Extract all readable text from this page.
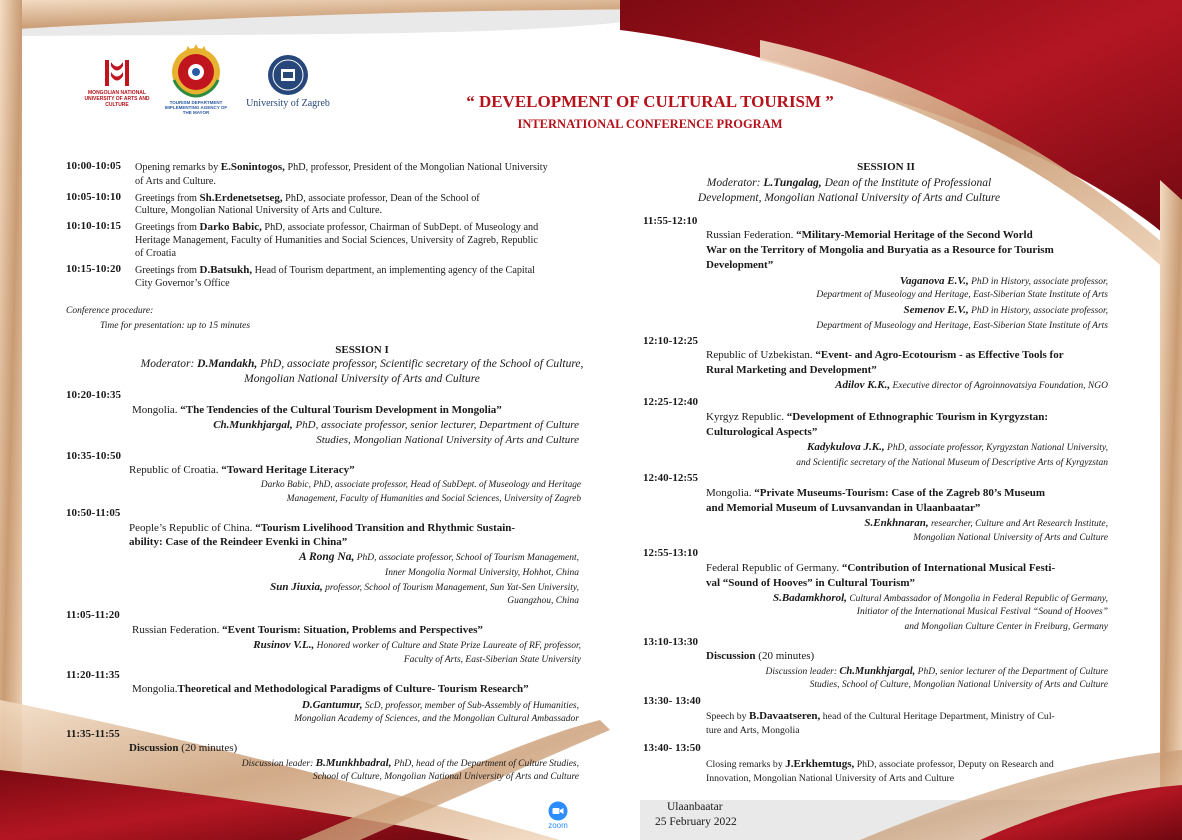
MONGOLIAN NATIONAL
UNIVERSITY OF ARTS AND CULTURE	TOURISM DEPARTMENT
IMPLEMENTING AGENCY OF
THE MAYOR
University of Zagreb	“ DEVELOPMENT OF CULTURAL TOURISM ”
INTERNATIONAL CONFERENCE PROGRAM
10:00-10:05 Opening remarks by E.Sonintogos, PhD, professor, President of the Mongolian National University
of Arts and Culture.
10:05-10:10 Greetings from Sh.Erdenetsetseg, PhD, associate professor, Dean of the School of
Culture, Mongolian National University of Arts and Culture.
10:10-10:15 Greetings from Darko Babic, PhD, associate professor, Chairman of SubDept. of Museology and
Heritage Management, Faculty of Humanities and Social Sciences, University of Zagreb, Republic
of Croatia
10:15-10:20 Greetings from D.Batsukh, Head of Tourism department, an implementing agency of the Capital
City Governor’s Office
Conference procedure:
Time for presentation: up to 15 minutes
SESSION I
Moderator: D.Mandakh, PhD, associate professor, Scientific secretary of the School of Culture,
Mongolian National University of Arts and Culture
10:20-10:35
Mongolia. “The Tendencies of the Cultural Tourism Development in Mongolia”
Ch.Munkhjargal, PhD, associate professor, senior lecturer, Department of Culture
Studies, Mongolian National University of Arts and Culture
10:35-10:50
Republic of Croatia. “Toward Heritage Literacy”
Darko Babic, PhD, associate professor, Head of SubDept. of Museology and Heritage
Management, Faculty of Humanities and Social Sciences, University of Zagreb
10:50-11:05
People’s Republic of China. “Tourism Livelihood Transition and Rhythmic Sustain-
ability: Case of the Reindeer Evenki in China”
A Rong Na, PhD, associate professor, School of Tourism Management,
Inner Mongolia Normal University, Hohhot, China
Sun Jiuxia, professor, School of Tourism Management, Sun Yat-Sen University,
Guangzhou, China
11:05-11:20
Russian Federation. “Event Tourism: Situation, Problems and Perspectives”
Rusinov V.L., Honored worker of Culture and State Prize Laureate of RF, professor,
Faculty of Arts, East-Siberian State University
11:20-11:35
Mongolia.Theoretical and Methodological Paradigms of Culture- Tourism Research”
D.Gantumur, ScD, professor, member of Sub-Assembly of Humanities,
Mongolian Academy of Sciences, and the Mongolian Cultural Ambassador
11:35-11:55
Discussion (20 minutes)
Discussion leader: B.Munkhbadral, PhD, head of the Department of Culture Studies,
School of Culture, Mongolian National University of Arts and Culture
SESSION II
Moderator: L.Tungalag, Dean of the Institute of Professional
Development, Mongolian National University of Arts and Culture
11:55-12:10
Russian Federation. “Military-Memorial Heritage of the Second World
War on the Territory of Mongolia and Buryatia as a Resource for Tourism
Development”
Vaganova E.V., PhD in History, associate professor,
Department of Museology and Heritage, East-Siberian State Institute of Arts
Semenov E.V., PhD in History, associate professor,
Department of Museology and Heritage, East-Siberian State Institute of Arts
12:10-12:25
Republic of Uzbekistan. “Event- and Agro-Ecotourism - as Effective Tools for
Rural Marketing and Development”
Adilov K.K., Executive director of Agroinnovatsiya Foundation, NGO
12:25-12:40
Kyrgyz Republic. “Development of Ethnographic Tourism in Kyrgyzstan:
Culturological Aspects”
Kadykulova J.K., PhD, associate professor, Kyrgyzstan National University,
and Scientific secretary of the National Museum of Descriptive Arts of Kyrgyzstan
12:40-12:55
Mongolia. “Private Museums-Tourism: Case of the Zagreb 80’s Museum
and Memorial Museum of Luvsanvandan in Ulaanbaatar”
S.Enkhnaran, researcher, Culture and Art Research Institute,
Mongolian National University of Arts and Culture
12:55-13:10
Federal Republic of Germany. “Contribution of International Musical Festi-
val “Sound of Hooves” in Cultural Tourism”
S.Badamkhorol, Cultural Ambassador of Mongolia in Federal Republic of Germany,
Initiator of the International Musical Festival “Sound of Hooves”
and Mongolian Culture Center in Freiburg, Germany
13:10-13:30
Discussion (20 minutes)
Discussion leader: Ch.Munkhjargal, PhD, senior lecturer of the Department of Culture
Studies, School of Culture, Mongolian National University of Arts and Culture
13:30- 13:40
Speech by B.Davaatseren, head of the Cultural Heritage Department, Ministry of Cul-
ture and Arts, Mongolia
13:40- 13:50
Closing remarks by J.Erkhemtugs, PhD, associate professor, Deputy on Research and
Innovation, Mongolian National University of Arts and Culture
zoom
Ulaanbaatar
25 February 2022
